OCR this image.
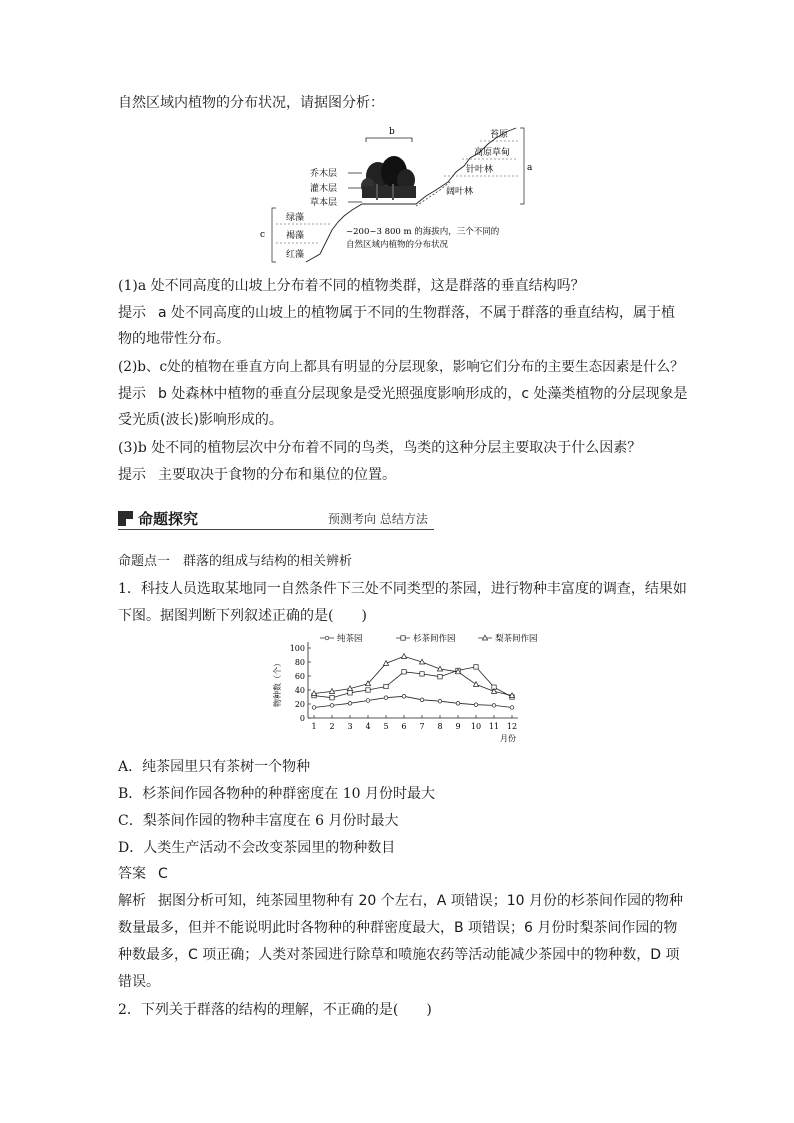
自然区域内植物的分布状况，请据图分析：
b
乔木层
灌木层
草本层
苔原
高原草甸
针叶林
阔叶林
a
c
绿藻
褐藻
红藻
~200~3 800 m 的海拔内，三个不同的
自然区域内植物的分布状况
(1)a 处不同高度的山坡上分布着不同的植物类群，这是群落的垂直结构吗？
提示 a 处不同高度的山坡上的植物属于不同的生物群落，不属于群落的垂直结构，属于植
物的地带性分布。
(2)b、c处的植物在垂直方向上都具有明显的分层现象，影响它们分布的主要生态因素是什么？
提示 b 处森林中植物的垂直分层现象是受光照强度影响形成的，c 处藻类植物的分层现象是
受光质(波长)影响形成的。
(3)b 处不同的植物层次中分布着不同的鸟类，鸟类的这种分层主要取决于什么因素？
提示 主要取决于食物的分布和巢位的位置。
命题探究	预测考向 总结方法
命题点一　群落的组成与结构的相关辨析
1．科技人员选取某地同一自然条件下三处不同类型的茶园，进行物种丰富度的调查，结果如
下图。据图判断下列叙述正确的是(　　)
纯茶园	杉茶间作园	梨茶间作园
0
20
40
60
80
100
1 2 3 4 5 6 7 8 9 10 11 12
月份
物种数（个）
A．纯茶园里只有茶树一个物种
B．杉茶间作园各物种的种群密度在 10 月份时最大
C．梨茶间作园的物种丰富度在 6 月份时最大
D．人类生产活动不会改变茶园里的物种数目
答案 C
解析 据图分析可知，纯茶园里物种有 20 个左右，A 项错误；10 月份的杉茶间作园的物种
数量最多，但并不能说明此时各物种的种群密度最大，B 项错误；6 月份时梨茶间作园的物
种数最多，C 项正确；人类对茶园进行除草和喷施农药等活动能减少茶园中的物种数，D 项
错误。
2．下列关于群落的结构的理解，不正确的是(　　)
